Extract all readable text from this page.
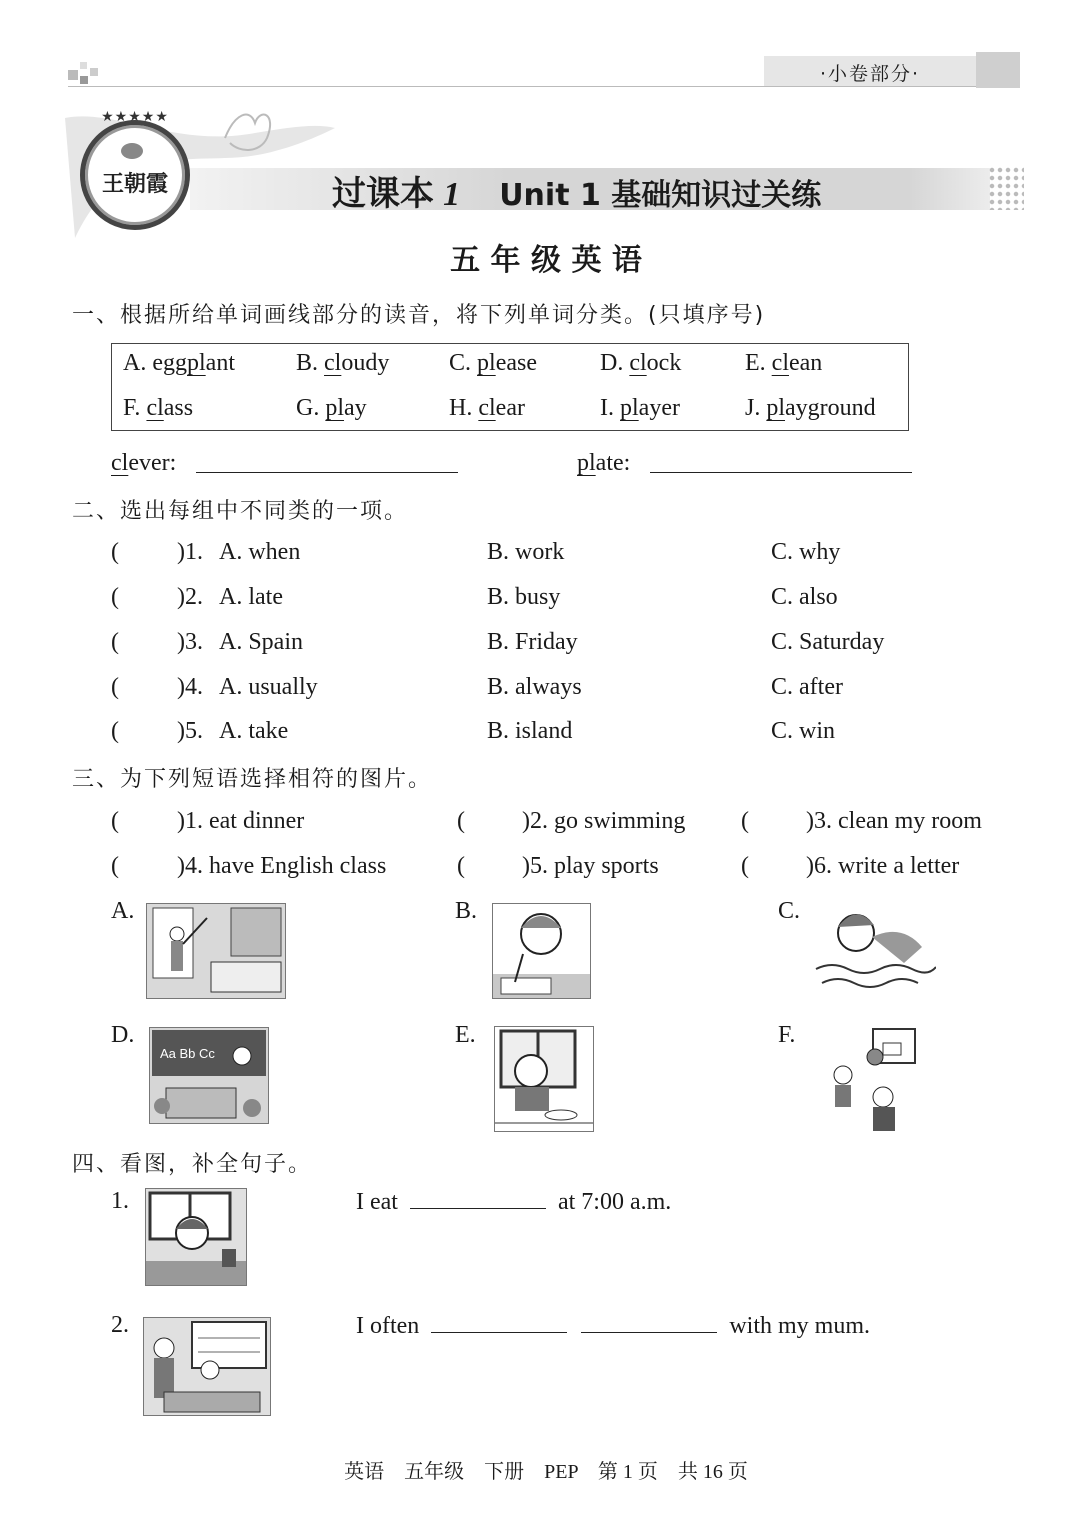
·小卷部分·
王朝霞
★★★★★
过课本 1 Unit 1 基础知识过关练
五 年 级 英 语
一、根据所给单词画线部分的读音，将下列单词分类。(只填序号)
A. eggplant	B. cloudy C. please	D. clock	E. clean
F. class	G. play	H. clear	I. player	J. playground
clever:	plate:
二、选出每组中不同类的一项。
( )1. A. when	B. work	C. why
( )2. A. late	B. busy	C. also
( )3. A. Spain	B. Friday	C. Saturday
( )4. A. usually	B. always	C. after
( )5. A. take	B. island	C. win
三、为下列短语选择相符的图片。
( )1. eat dinner	( )2. go swimming ( )3. clean my room
( )4. have English class	( )5. play sports	( )6. write a letter
A.	B.	C.
D.	E.	F.
Aa Bb Cc
四、看图，补全句子。
1.	I eat	at 7:00 a.m.
2.	I often	with my mum.
英语　五年级　下册　PEP　第 1 页　共 16 页
